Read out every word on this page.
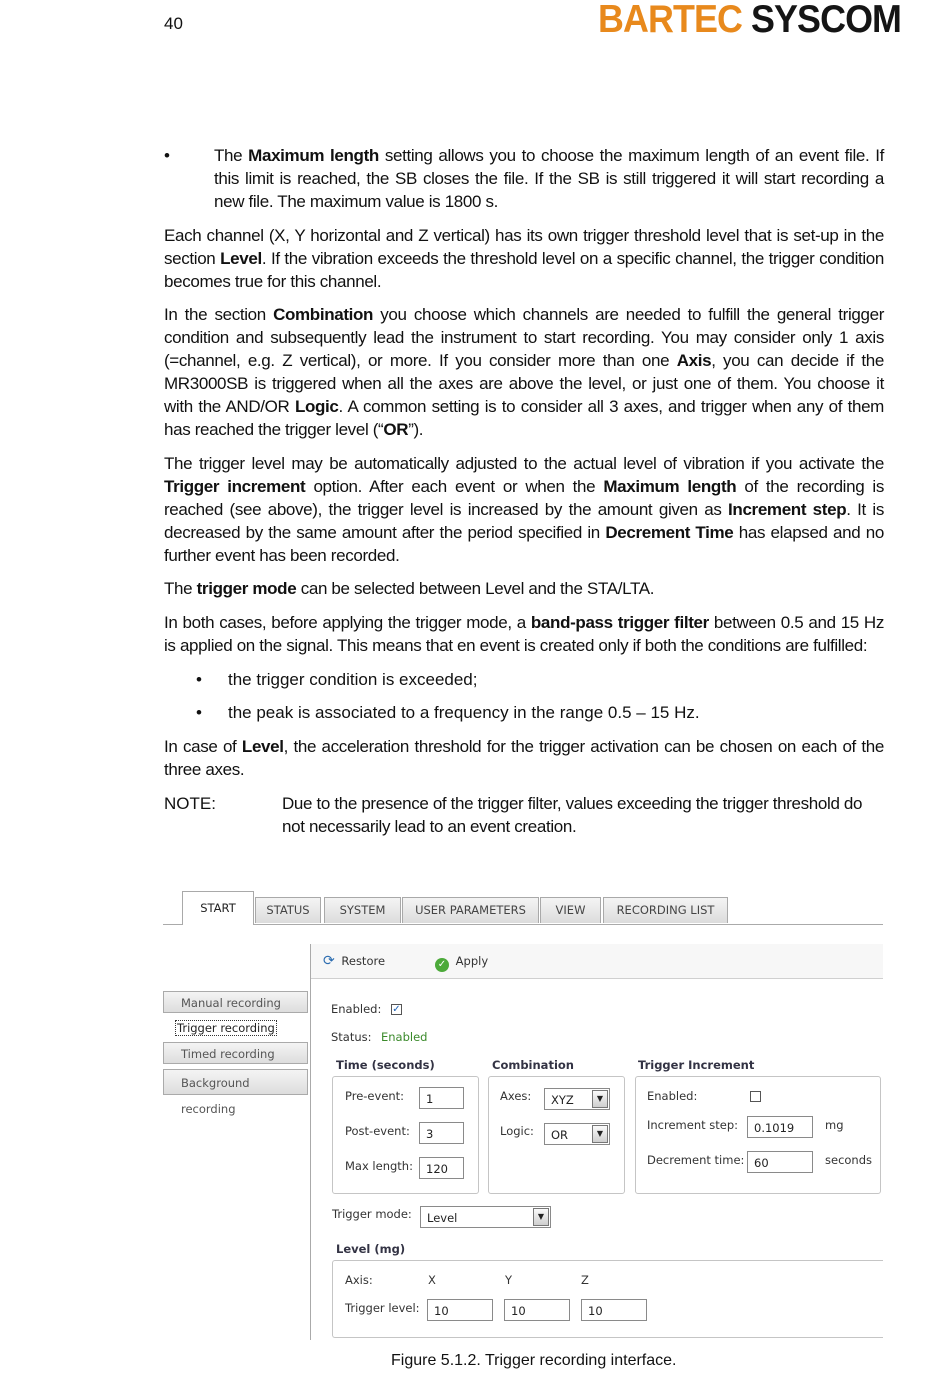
40	BARTEC SYSCOM
•	The Maximum length setting allows you to choose the maximum length of an event file. If this limit is reached, the SB closes the file. If the SB is still triggered it will start recording a new file. The maximum value is 1800 s.

Each channel (X, Y horizontal and Z vertical) has its own trigger threshold level that is set-up in the section Level. If the vibration exceeds the threshold level on a specific channel, the trigger condition becomes true for this channel.

In the section Combination you choose which channels are needed to fulfill the general trigger condition and subsequently lead the instrument to start recording. You may consider only 1 axis (=channel, e.g. Z vertical), or more. If you consider more than one Axis, you can decide if the MR3000SB is triggered when all the axes are above the level, or just one of them. You choose it with the AND/OR Logic. A common setting is to consider all 3 axes, and trigger when any of them has reached the trigger level (“OR”).

The trigger level may be automatically adjusted to the actual level of vibration if you activate the Trigger increment option. After each event or when the Maximum length of the recording is reached (see above), the trigger level is increased by the amount given as Increment step. It is decreased by the same amount after the period specified in Decrement Time has elapsed and no further event has been recorded.

The trigger mode can be selected between Level and the STA/LTA.

In both cases, before applying the trigger mode, a band-pass trigger filter between 0.5 and 15 Hz is applied on the signal. This means that en event is created only if both the conditions are fulfilled:

• the trigger condition is exceeded;
• the peak is associated to a frequency in the range 0.5 – 15 Hz.

In case of Level, the acceleration threshold for the trigger activation can be chosen on each of the three axes.

NOTE:	Due to the presence of the trigger filter, values exceeding the trigger threshold do not necessarily lead to an event creation.

START	STATUS	SYSTEM	USER PARAMETERS	VIEW	RECORDING LIST
⟳ Restore	✓ Apply
Manual recording
Trigger recording
Timed recording
Background recording
Enabled: ✓
Status: Enabled
Time (seconds)
Pre-event:	1
Post-event:	3
Max length:	120
Combination
Axes:	XYZ	▼
Logic:	OR	▼
Trigger Increment
Enabled:
Increment step:	0.1019	mg
Decrement time: 60	seconds
Trigger mode:	Level	▼
Level (mg)
Axis:	X	Y	Z
Trigger level:	10	10	10
Figure 5.1.2. Trigger recording interface.
